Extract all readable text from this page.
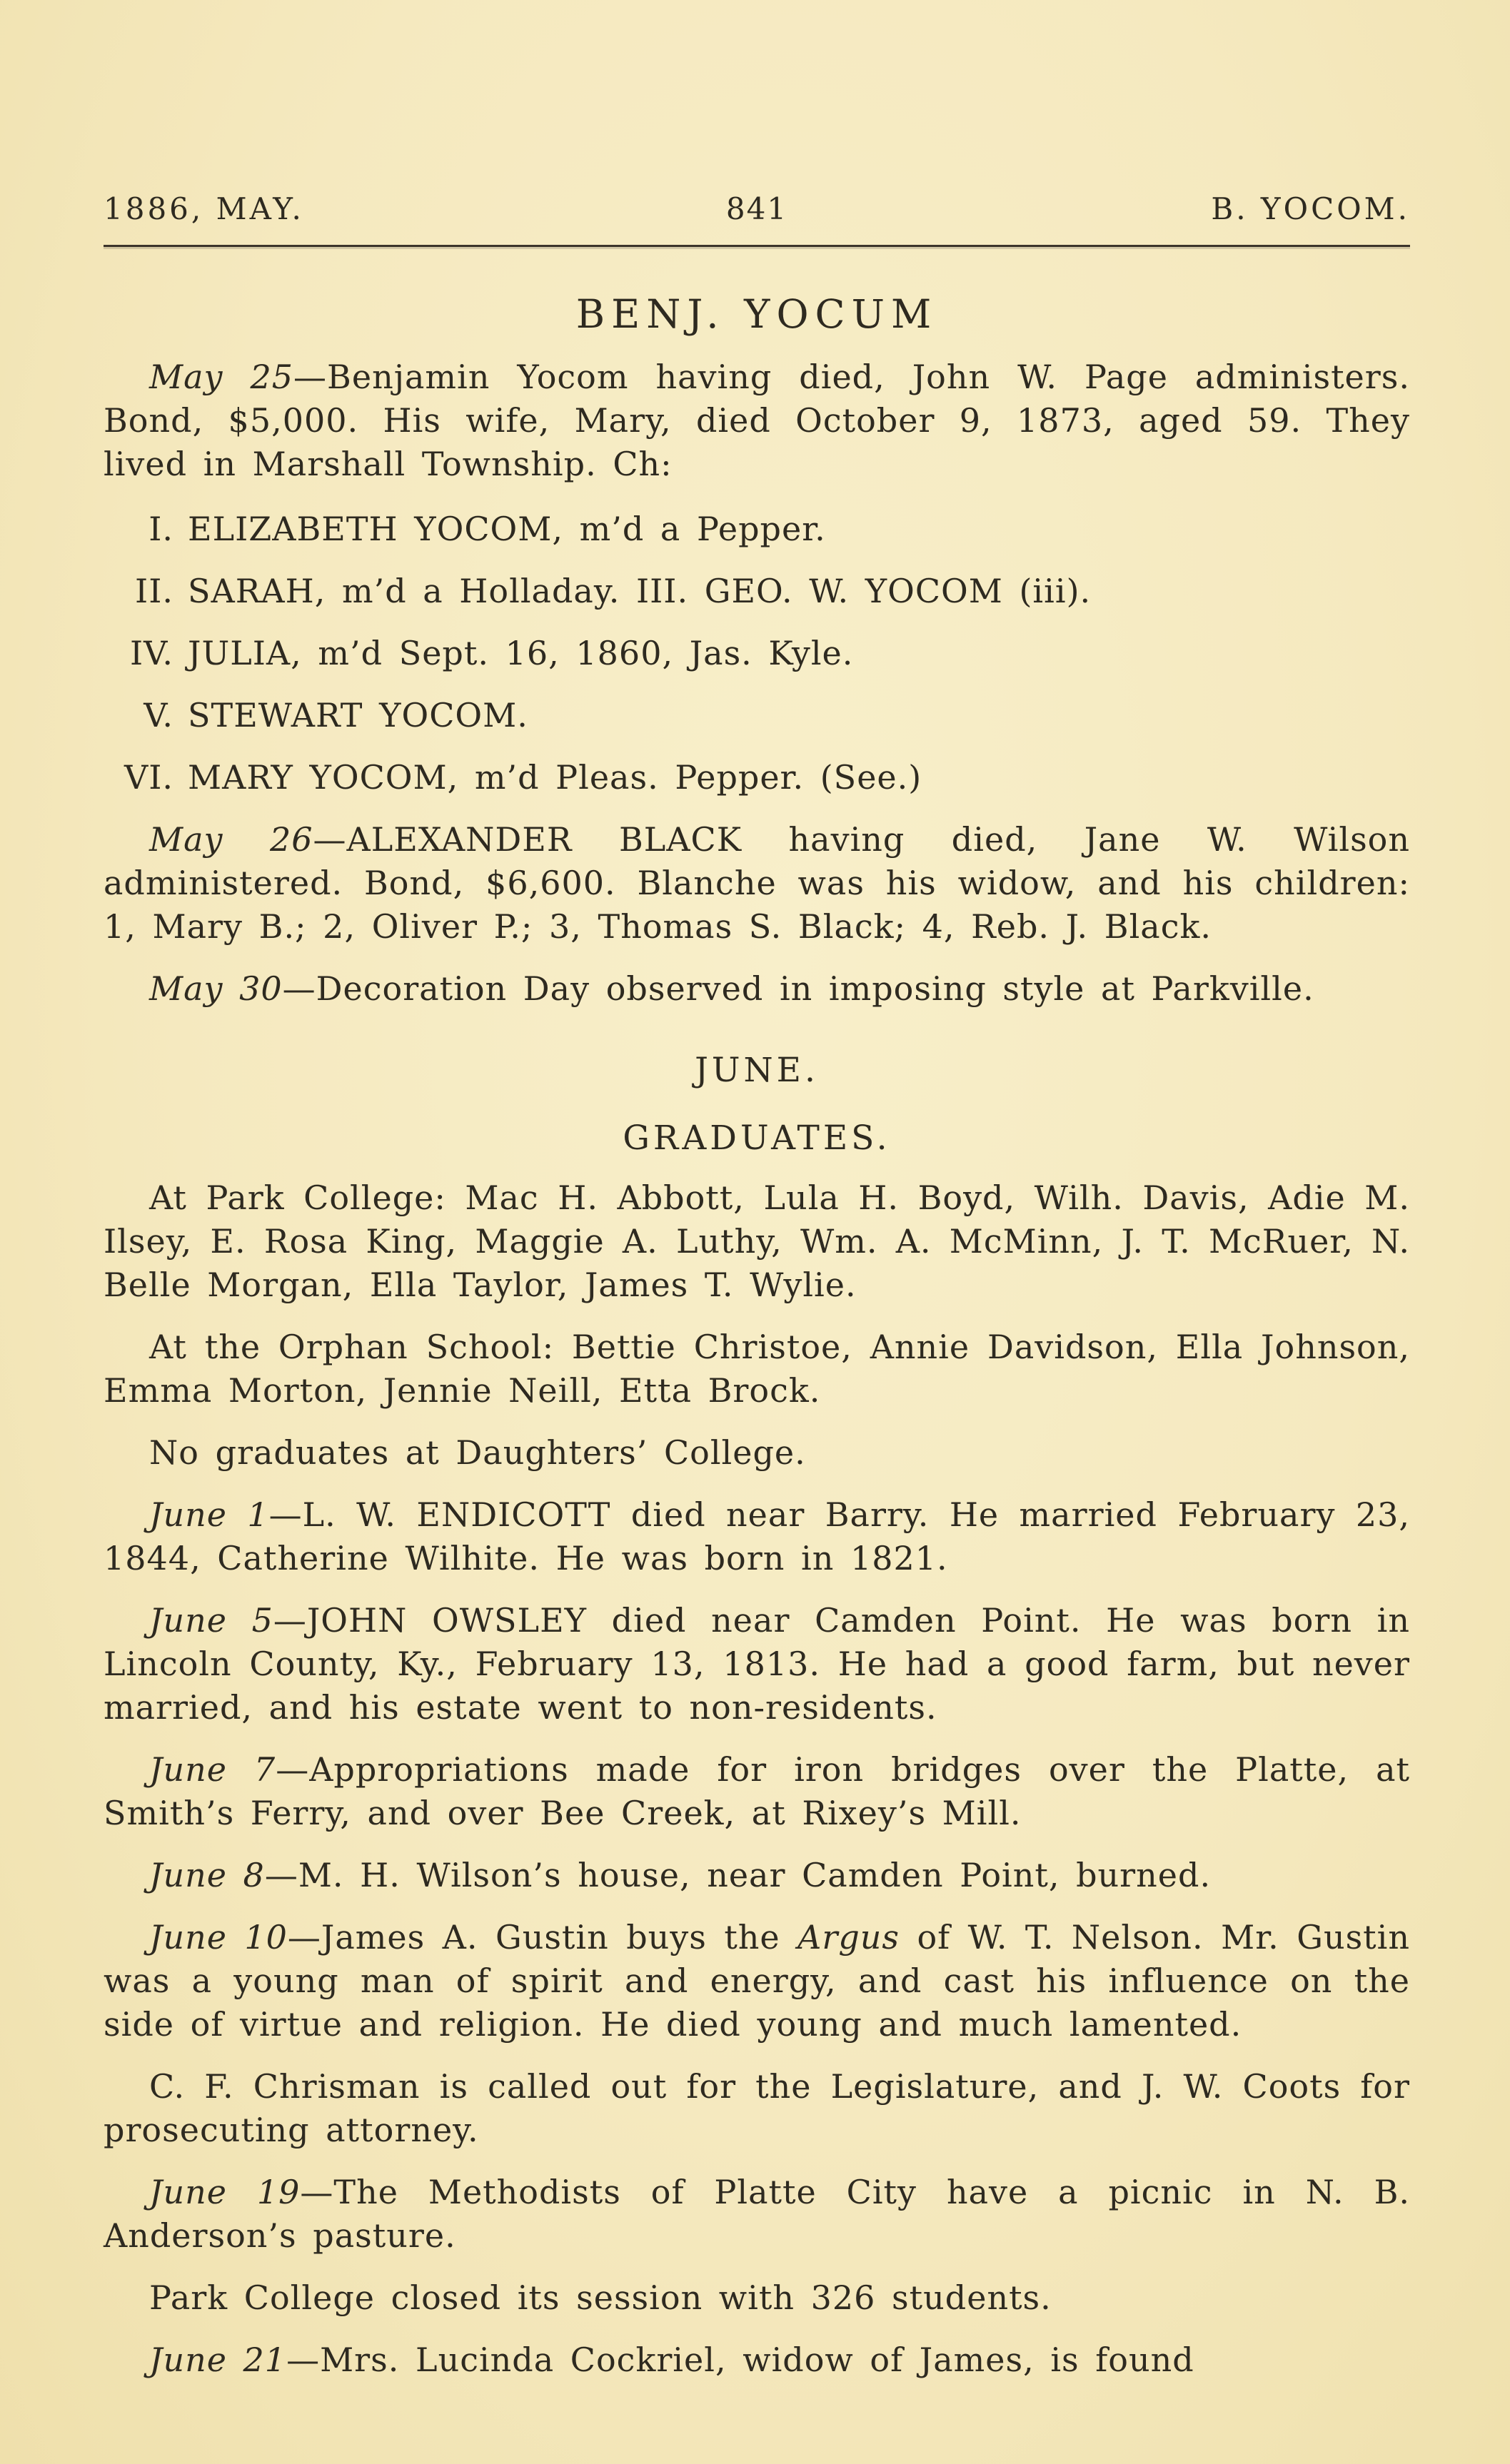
1886, MAY.	841	B. YOCOM.
BENJ. YOCUM

May 25—Benjamin Yocom having died, John W. Page administers. Bond, $5,000. His wife, Mary, died October 9, 1873, aged 59. They lived in Marshall Township. Ch:

I. ELIZABETH YOCOM, m’d a Pepper.
II. SARAH, m’d a Holladay. III. GEO. W. YOCOM (iii).
IV. JULIA, m’d Sept. 16, 1860, Jas. Kyle.
V. STEWART YOCOM.
VI. MARY YOCOM, m’d Pleas. Pepper. (See.)

May 26—ALEXANDER BLACK having died, Jane W. Wilson administered. Bond, $6,600. Blanche was his widow, and his children: 1, Mary B.; 2, Oliver P.; 3, Thomas S. Black; 4, Reb. J. Black.

May 30—Decoration Day observed in imposing style at Parkville.

JUNE.
GRADUATES.

At Park College: Mac H. Abbott, Lula H. Boyd, Wilh. Davis, Adie M. Ilsey, E. Rosa King, Maggie A. Luthy, Wm. A. McMinn, J. T. McRuer, N. Belle Morgan, Ella Taylor, James T. Wylie.

At the Orphan School: Bettie Christoe, Annie Davidson, Ella Johnson, Emma Morton, Jennie Neill, Etta Brock.

No graduates at Daughters’ College.

June 1—L. W. ENDICOTT died near Barry. He married February 23, 1844, Catherine Wilhite. He was born in 1821.

June 5—JOHN OWSLEY died near Camden Point. He was born in Lincoln County, Ky., February 13, 1813. He had a good farm, but never married, and his estate went to non-residents.

June 7—Appropriations made for iron bridges over the Platte, at Smith’s Ferry, and over Bee Creek, at Rixey’s Mill.

June 8—M. H. Wilson’s house, near Camden Point, burned.

June 10—James A. Gustin buys the Argus of W. T. Nelson. Mr. Gustin was a young man of spirit and energy, and cast his influence on the side of virtue and religion. He died young and much lamented.

C. F. Chrisman is called out for the Legislature, and J. W. Coots for prosecuting attorney.

June 19—The Methodists of Platte City have a picnic in N. B. Anderson’s pasture.

Park College closed its session with 326 students.

June 21—Mrs. Lucinda Cockriel, widow of James, is found
